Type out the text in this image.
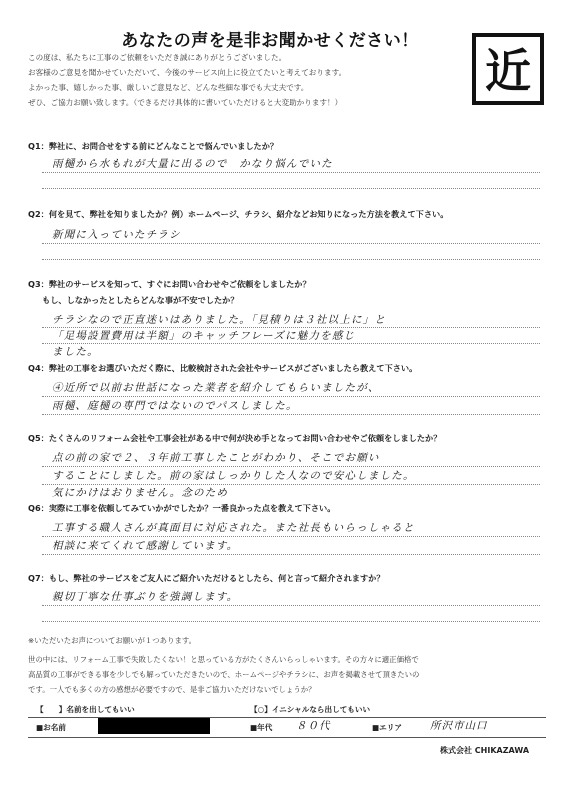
あなたの声を是非お聞かせください！
近
この度は、私たちに工事のご依頼をいただき誠にありがとうございました。
お客様のご意見を聞かせていただいて、今後のサービス向上に役立てたいと考えております。
よかった事、嬉しかった事、厳しいご意見など、どんな些細な事でも大丈夫です。
ぜひ、ご協力お願い致します。（できるだけ具体的に書いていただけると大変助かります！）
Q1：弊社に、お問合せをする前にどんなことで悩んでいましたか？
雨樋から水もれが大量に出るので　かなり悩んでいた
Q2：何を見て、弊社を知りましたか？例）ホームページ、チラシ、紹介などお知りになった方法を教えて下さい。
新聞に入っていたチラシ
Q3：弊社のサービスを知って、すぐにお問い合わせやご依頼をしましたか？
もし、しなかったとしたらどんな事が不安でしたか？
チラシなので正直迷いはありました。「見積りは３社以上に」と
「足場設置費用は半額」のキャッチフレーズに魅力を感じ
ました。
Q4：弊社の工事をお選びいただく際に、比較検討された会社やサービスがございましたら教えて下さい。
④近所で以前お世話になった業者を紹介してもらいましたが、
雨樋、庭樋の専門ではないのでパスしました。
Q5：たくさんのリフォーム会社や工事会社がある中で何が決め手となってお問い合わせやご依頼をしましたか？
点の前の家で２、３年前工事したことがわかり、そこでお願い
することにしました。前の家はしっかりした人なので安心しました。
気にかけはおりません。念のため
Q6：実際に工事を依頼してみていかがでしたか？一番良かった点を教えて下さい。
工事する職人さんが真面目に対応された。また社長もいらっしゃると
相談に来てくれて感謝しています。
Q7：もし、弊社のサービスをご友人にご紹介いただけるとしたら、何と言って紹介されますか？
親切丁寧な仕事ぶりを強調します。
※いただいたお声についてお願いが１つあります。
世の中には、リフォーム工事で失敗したくない！と思っている方がたくさんいらっしゃいます。その方々に適正価格で
高品質の工事ができる事を少しでも解っていただきたいので、ホームページやチラシに、お声を掲載させて頂きたいの
です。一人でも多くの方の感想が必要ですので、是非ご協力いただけないでしょうか？
【　　】名前を出してもいい	【○】イニシャルなら出してもいい
■お名前	■年代 ８０代	■エリア	所沢市山口
株式会社 CHIKAZAWA
